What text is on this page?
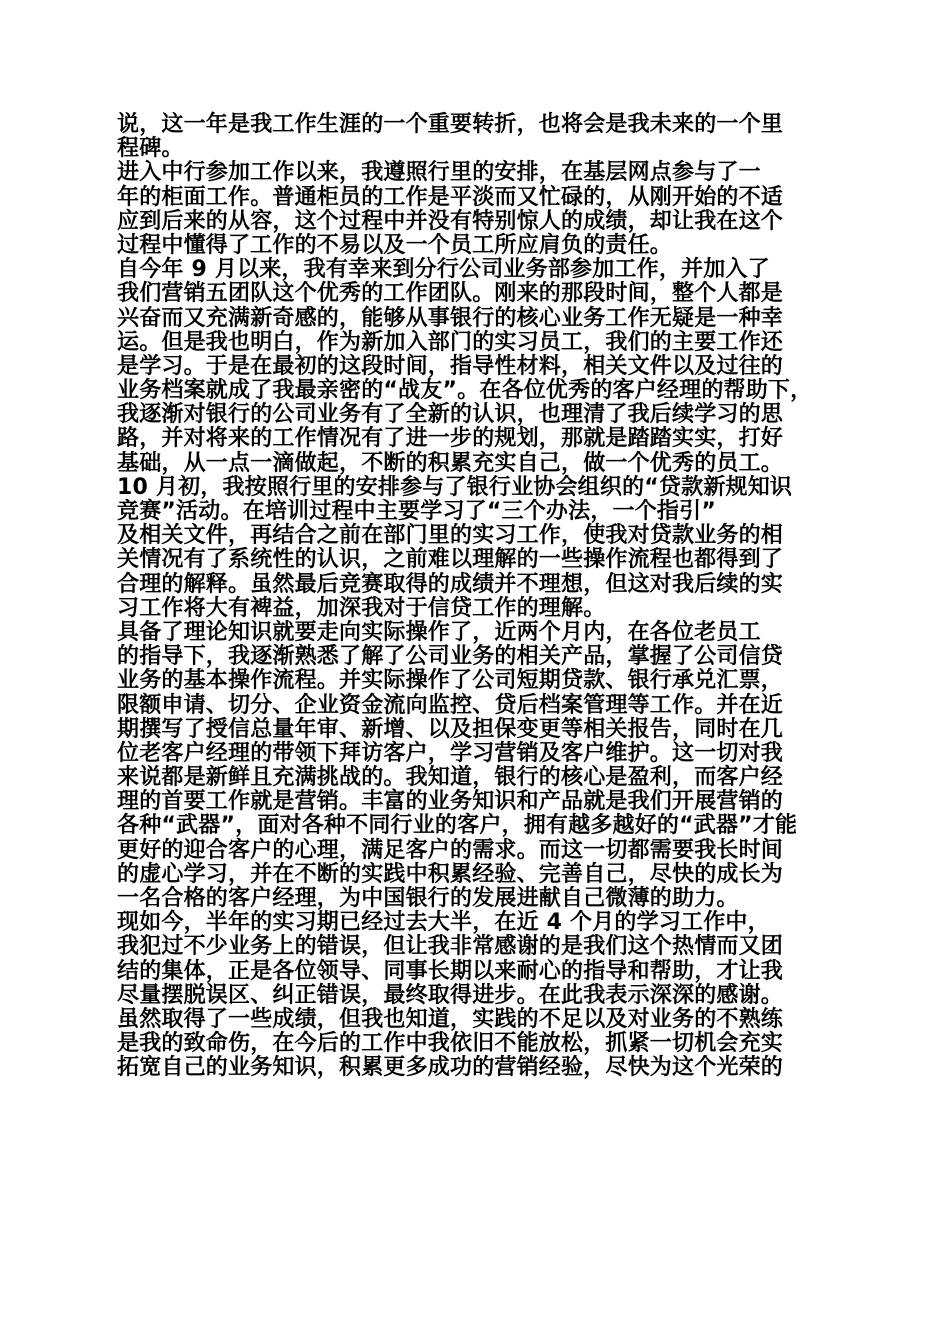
说，这一年是我工作生涯的一个重要转折，也将会是我未来的一个里
程碑。
进入中行参加工作以来，我遵照行里的安排，在基层网点参与了一
年的柜面工作。普通柜员的工作是平淡而又忙碌的，从刚开始的不适
应到后来的从容，这个过程中并没有特别惊人的成绩，却让我在这个
过程中懂得了工作的不易以及一个员工所应肩负的责任。
自今年 9 月以来，我有幸来到分行公司业务部参加工作，并加入了
我们营销五团队这个优秀的工作团队。刚来的那段时间，整个人都是
兴奋而又充满新奇感的，能够从事银行的核心业务工作无疑是一种幸
运。但是我也明白，作为新加入部门的实习员工，我们的主要工作还
是学习。于是在最初的这段时间，指导性材料，相关文件以及过往的
业务档案就成了我最亲密的“战友”。在各位优秀的客户经理的帮助下，
我逐渐对银行的公司业务有了全新的认识，也理清了我后续学习的思
路，并对将来的工作情况有了进一步的规划，那就是踏踏实实，打好
基础，从一点一滴做起，不断的积累充实自己，做一个优秀的员工。
10 月初，我按照行里的安排参与了银行业协会组织的“贷款新规知识
竞赛”活动。在培训过程中主要学习了“三个办法，一个指引”
及相关文件，再结合之前在部门里的实习工作，使我对贷款业务的相
关情况有了系统性的认识，之前难以理解的一些操作流程也都得到了
合理的解释。虽然最后竞赛取得的成绩并不理想，但这对我后续的实
习工作将大有裨益，加深我对于信贷工作的理解。
具备了理论知识就要走向实际操作了，近两个月内，在各位老员工
的指导下，我逐渐熟悉了解了公司业务的相关产品，掌握了公司信贷
业务的基本操作流程。并实际操作了公司短期贷款、银行承兑汇票，
限额申请、切分、企业资金流向监控、贷后档案管理等工作。并在近
期撰写了授信总量年审、新增、以及担保变更等相关报告，同时在几
位老客户经理的带领下拜访客户，学习营销及客户维护。这一切对我
来说都是新鲜且充满挑战的。我知道，银行的核心是盈利，而客户经
理的首要工作就是营销。丰富的业务知识和产品就是我们开展营销的
各种“武器”，面对各种不同行业的客户，拥有越多越好的“武器”才能
更好的迎合客户的心理，满足客户的需求。而这一切都需要我长时间
的虚心学习，并在不断的实践中积累经验、完善自己，尽快的成长为
一名合格的客户经理，为中国银行的发展进献自己微薄的助力。
现如今，半年的实习期已经过去大半，在近 4 个月的学习工作中，
我犯过不少业务上的错误，但让我非常感谢的是我们这个热情而又团
结的集体，正是各位领导、同事长期以来耐心的指导和帮助，才让我
尽量摆脱误区、纠正错误，最终取得进步。在此我表示深深的感谢。
虽然取得了一些成绩，但我也知道，实践的不足以及对业务的不熟练
是我的致命伤，在今后的工作中我依旧不能放松，抓紧一切机会充实
拓宽自己的业务知识，积累更多成功的营销经验，尽快为这个光荣的
